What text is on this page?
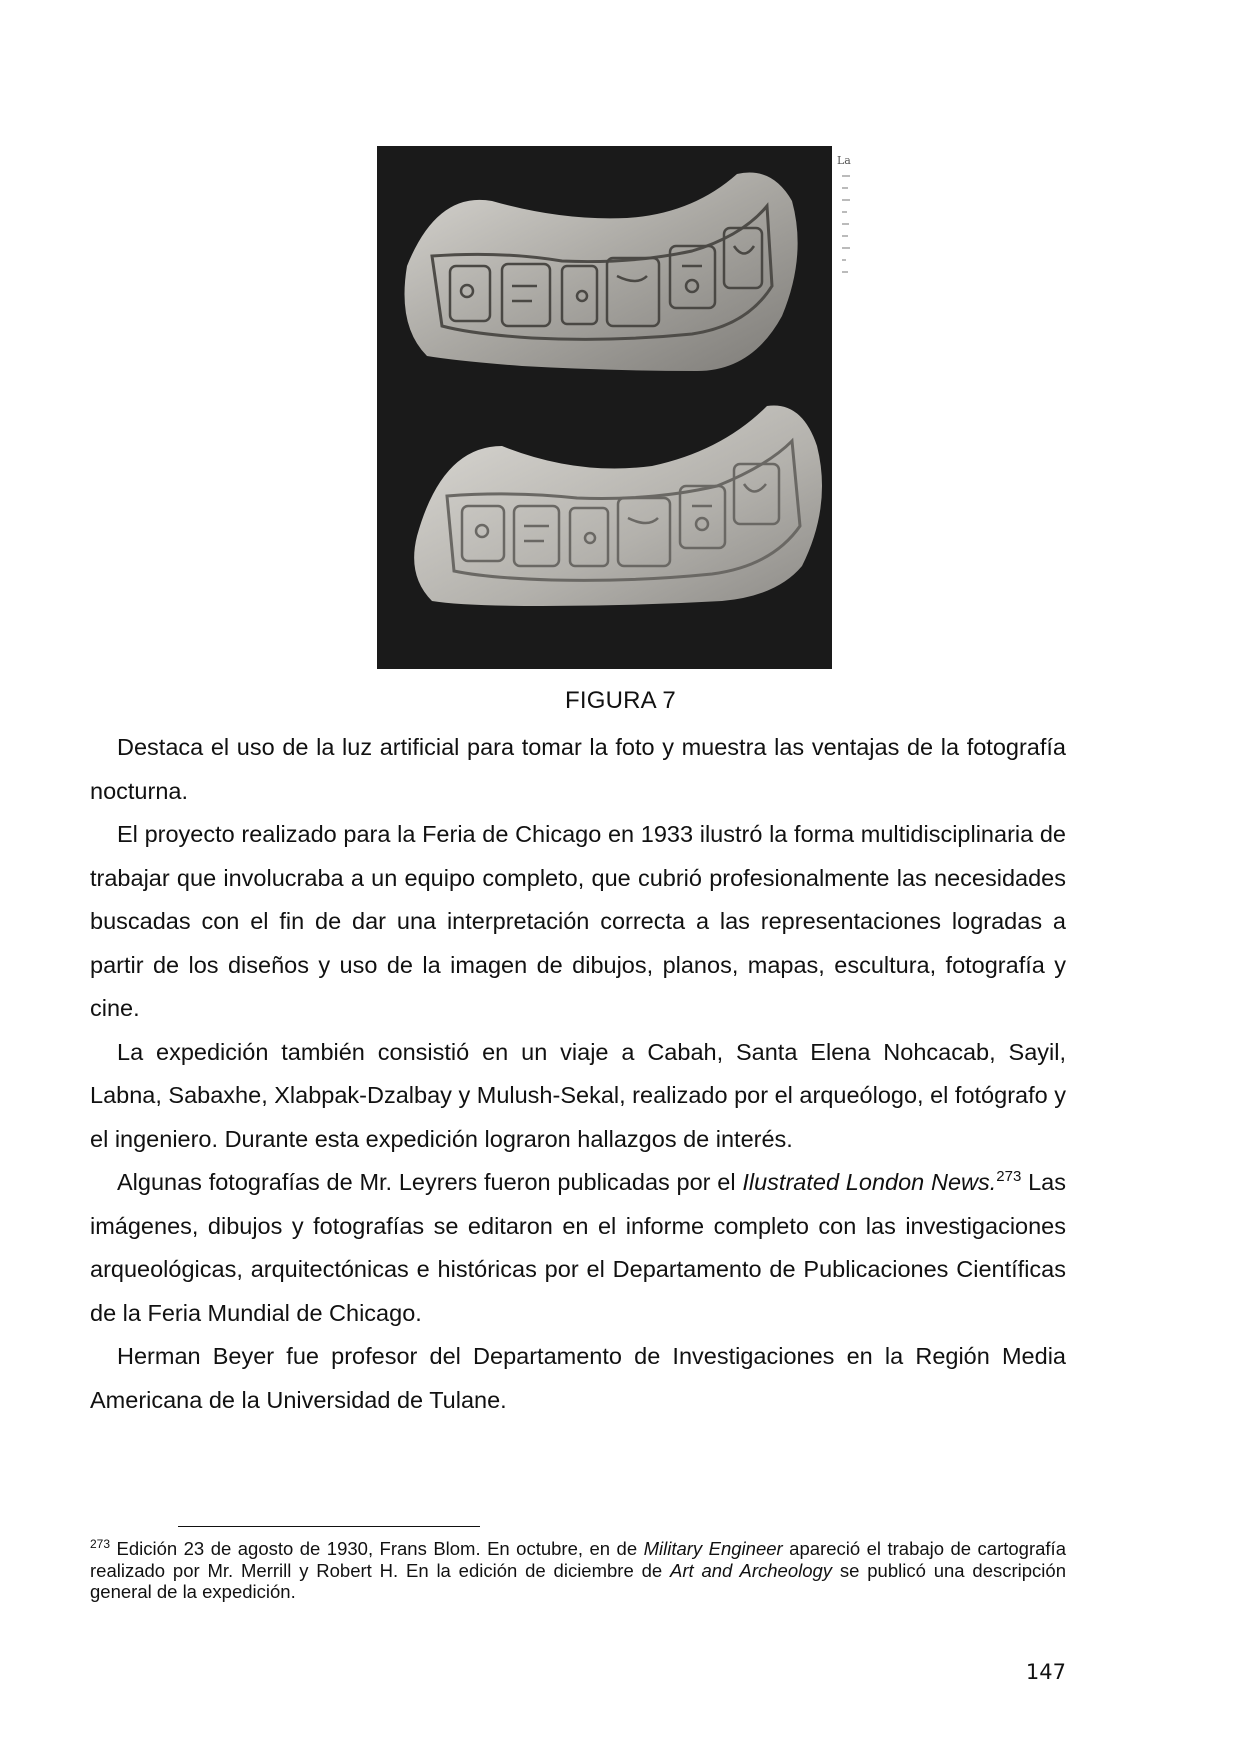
La
FIGURA 7

Destaca el uso de la luz artificial para tomar la foto y muestra las ventajas de la fotografía nocturna.

El proyecto realizado para la Feria de Chicago en 1933 ilustró la forma multidisciplinaria de trabajar que involucraba a un equipo completo, que cubrió profesionalmente las necesidades buscadas con el fin de dar una interpretación correcta a las representaciones logradas a partir de los diseños y uso de la imagen de dibujos, planos, mapas, escultura, fotografía y cine.

La expedición también consistió en un viaje a Cabah, Santa Elena Nohcacab, Sayil, Labna, Sabaxhe, Xlabpak-Dzalbay y Mulush-Sekal, realizado por el arqueólogo, el fotógrafo y el ingeniero. Durante esta expedición lograron hallazgos de interés.

Algunas fotografías de Mr. Leyrers fueron publicadas por el Ilustrated London News.$^{273}$ Las imágenes, dibujos y fotografías se editaron en el informe completo con las investigaciones arqueológicas, arquitectónicas e históricas por el Departamento de Publicaciones Científicas de la Feria Mundial de Chicago.

Herman Beyer fue profesor del Departamento de Investigaciones en la Región Media Americana de la Universidad de Tulane.

$^{273}$ Edición 23 de agosto de 1930, Frans Blom. En octubre, en de Military Engineer apareció el trabajo de cartografía realizado por Mr. Merrill y Robert H. En la edición de diciembre de Art and Archeology se publicó una descripción general de la expedición.
147
